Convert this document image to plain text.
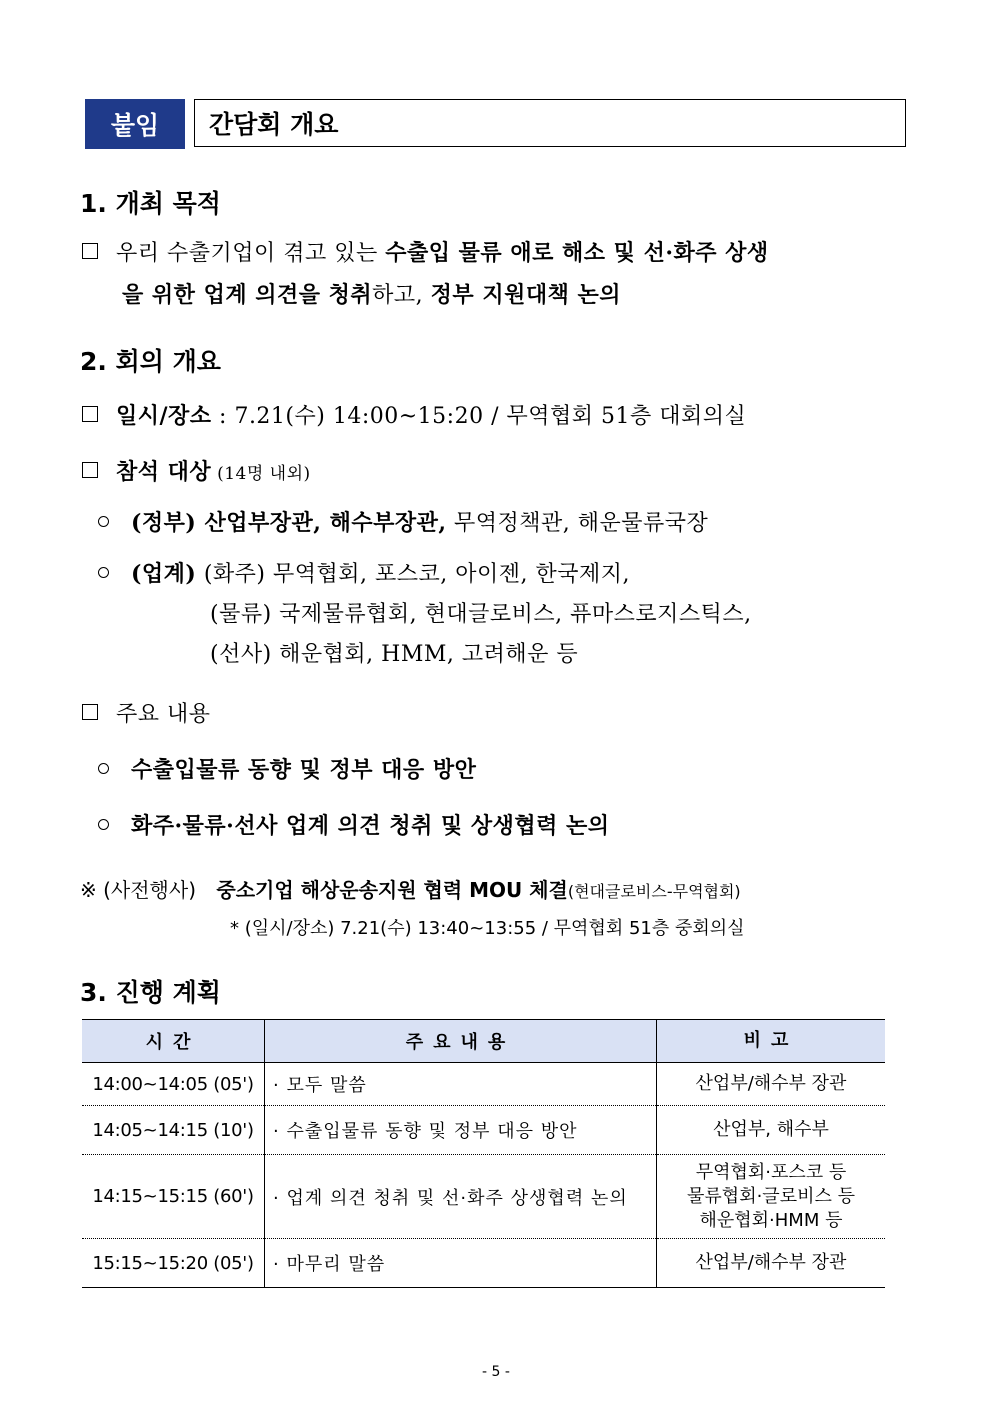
붙임	간담회 개요
1. 개최 목적
우리 수출기업이 겪고 있는 수출입 물류 애로 해소 및 선·화주 상생
을 위한 업계 의견을 청취하고, 정부 지원대책 논의
2. 회의 개요
일시/장소 : 7.21(수) 14:00~15:20 / 무역협회 51층 대회의실
참석 대상 (14명 내외)
(정부) 산업부장관, 해수부장관, 무역정책관, 해운물류국장
(업계) (화주) 무역협회, 포스코, 아이젠, 한국제지,
(물류) 국제물류협회, 현대글로비스, 퓨마스로지스틱스,
(선사) 해운협회, HMM, 고려해운 등
주요 내용
수출입물류 동향 및 정부 대응 방안
화주·물류·선사 업계 의견 청취 및 상생협력 논의
※ (사전행사) 중소기업 해상운송지원 협력 MOU 체결(현대글로비스-무역협회)
* (일시/장소) 7.21(수) 13:40~13:55 / 무역협회 51층 중회의실
3. 진행 계획
시간	주요내용	비고
14:00~14:05 (05')	· 모두 말씀	산업부/해수부 장관
14:05~14:15 (10')	· 수출입물류 동향 및 정부 대응 방안	산업부, 해수부
14:15~15:15 (60')	· 업계 의견 청취 및 선·화주 상생협력 논의	무역협회·포스코 등
물류협회·글로비스 등
해운협회·HMM 등

15:15~15:20 (05')	· 마무리 말씀	산업부/해수부 장관
- 5 -
